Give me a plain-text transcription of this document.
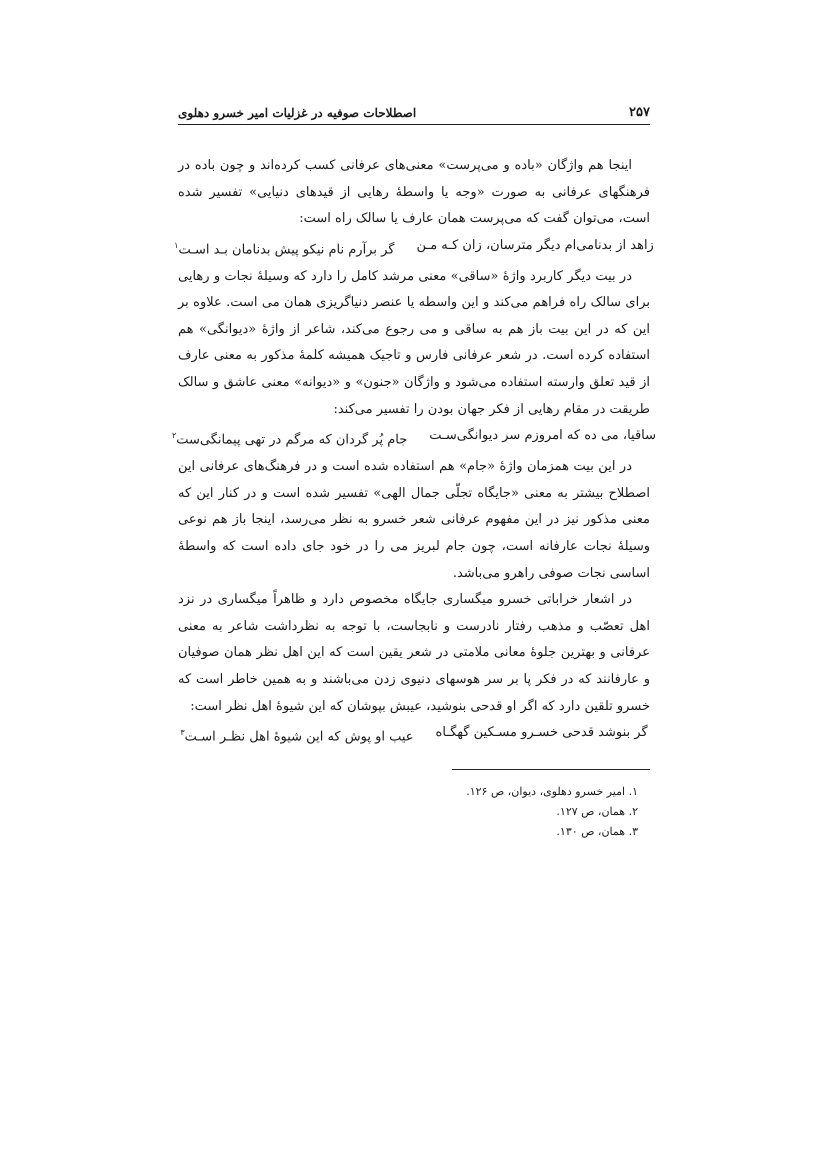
۲۵۷
اصطلاحات صوفیه در غزلیات امیر خسرو دهلوی

اینجا هم واژگان «باده و می‌پرست» معنی‌های عرفانی کسب کرده‌اند و چون باده در فرهنگهای عرفانی به صورت «وجه یا واسطهٔ رهایی از قیدهای دنیایی» تفسیر شده است، می‌توان گفت که می‌پرست همان عارف یا سالک راه است:

زاهد از بدنامی‌ام دیگر مترسان، زان کـه مـن
گر برآرم نام نیکو پیش بدنامان بـد اسـت$^۱$

در بیت دیگر کاربرد واژهٔ «ساقی» معنی مرشد کامل را دارد که وسیلهٔ نجات و رهایی برای سالک راه فراهم می‌کند و این واسطه یا عنصر دنیاگریزی همان می است. علاوه بر این که در این بیت باز هم به ساقی و می رجوع می‌کند، شاعر از واژهٔ «دیوانگی» هم استفاده کرده است. در شعر عرفانی فارس و تاجیک همیشه کلمهٔ مذکور به معنی عارف از قید تعلق وارسته استفاده می‌شود و واژگان «جنون» و «دیوانه» معنی عاشق و سالک طریقت در مقام رهایی از فکر جهان بودن را تفسیر می‌کند:

ساقیا، می ده که امروزم سر دیوانگی‌سـت
جام پُر گردان که مرگم در تهی پیمانگی‌ست$^۲$

در این بیت همزمان واژهٔ «جام» هم استفاده شده است و در فرهنگ‌های عرفانی این اصطلاح بیشتر به معنی «جایگاه تجلّی جمال الهی» تفسیر شده است و در کنار این که معنی مذکور نیز در این مفهوم عرفانی شعر خسرو به نظر می‌رسد، اینجا باز هم نوعی وسیلهٔ نجات عارفانه است، چون جام لبریز می را در خود جای داده است که واسطهٔ اساسی نجات صوفی راهرو می‌باشد.

در اشعار خراباتی خسرو میگساری جایگاه مخصوص دارد و ظاهراً میگساری در نزد اهل تعصّب و مذهب رفتار نادرست و نابجاست، با توجه به نظرداشت شاعر به معنی عرفانی و بهترین جلوهٔ معانی ملامتی در شعر یقین است که این اهل نظر همان صوفیان و عارفانند که در فکر پا بر سر هوسهای دنیوی زدن می‌باشند و به همین خاطر است که خسرو تلقین دارد که اگر او قدحی بنوشید، عیبش بپوشان که این شیوهٔ اهل نظر است:

گر بنوشد قدحی خسـرو مسـکین گهگـاه
عیب او پوش که این شیوهٔ اهل نظـر اسـت$^۳$
۱. امیر خسرو دهلوی، دیوان، ص ۱۲۶.
۲. همان، ص ۱۲۷.
۳. همان، ص ۱۳۰.
